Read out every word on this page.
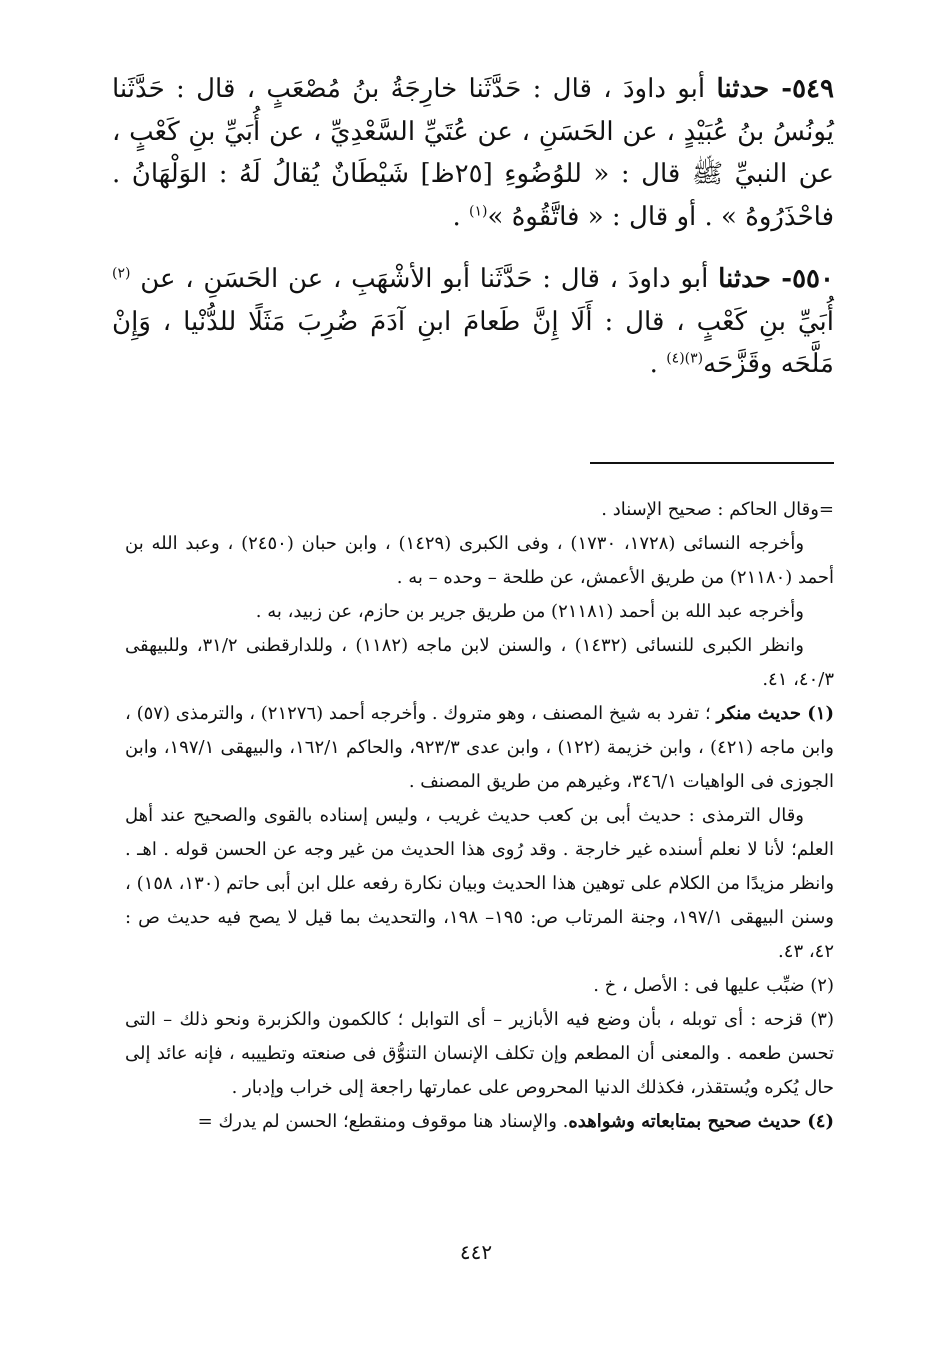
٥٤٩- حدثنا أبو داودَ ، قال : حَدَّثَنا خارِجَةُ بنُ مُصْعَبٍ ، قال : حَدَّثَنا يُونُسُ بنُ عُبَيْدٍ ، عن الحَسَنِ ، عن عُتَيِّ السَّعْدِيِّ ، عن أُبَيِّ بنِ كَعْبٍ ، عن النبيِّ ﷺ قال : « للوُضُوءِ [٢٥ظ] شَيْطَانٌ يُقالُ لَهُ : الوَلْهَانُ . فاحْذَرُوهُ » . أو قال : « فاتَّقُوهُ »$^{(١)}$ .

٥٥٠- حدثنا أبو داودَ ، قال : حَدَّثَنا أبو الأشْهَبِ ، عن الحَسَنِ ، عن $^{(٢)}$ أُبَيِّ بنِ كَعْبٍ ، قال : أَلَا إِنَّ طَعامَ ابنِ آدَمَ ضُرِبَ مَثَلًا للدُّنْيا ، وَإِنْ مَلَّحَه وقَزَّحَه$^{(٣)(٤)}$ .

=وقال الحاكم : صحيح الإسناد .

وأخرجه النسائى (١٧٢٨، ١٧٣٠) ، وفى الكبرى (١٤٢٩) ، وابن حبان (٢٤٥٠) ، وعبد الله بن أحمد (٢١١٨٠) من طريق الأعمش، عن طلحة – وحده – به .

وأخرجه عبد الله بن أحمد (٢١١٨١) من طريق جرير بن حازم، عن زبيد، به .

وانظر الكبرى للنسائى (١٤٣٢) ، والسنن لابن ماجه (١١٨٢) ، وللدارقطنى ٣١/٢، وللبيهقى ٤٠/٣، ٤١.

(١) حديث منكر ؛ تفرد به شيخ المصنف ، وهو متروك . وأخرجه أحمد (٢١٢٧٦) ، والترمذى (٥٧) ، وابن ماجه (٤٢١) ، وابن خزيمة (١٢٢) ، وابن عدى ٩٢٣/٣، والحاكم ١٦٢/١، والبيهقى ١٩٧/١، وابن الجوزى فى الواهيات ٣٤٦/١، وغيرهم من طريق المصنف .

وقال الترمذى : حديث أبى بن كعب حديث غريب ، وليس إسناده بالقوى والصحيح عند أهل العلم؛ لأنا لا نعلم أسنده غير خارجة . وقد رُوى هذا الحديث من غير وجه عن الحسن قوله . اهـ . وانظر مزيدًا من الكلام على توهين هذا الحديث وبيان نكارة رفعه علل ابن أبى حاتم (١٣٠، ١٥٨) ، وسنن البيهقى ١٩٧/١، وجنة المرتاب ص: ١٩٥– ١٩٨، والتحديث بما قيل لا يصح فيه حديث ص : ٤٢، ٤٣.

(٢) ضبِّب عليها فى : الأصل ، خ .

(٣) قزحه : أى توبله ، بأن وضع فيه الأبازير – أى التوابل ؛ كالكمون والكزبرة ونحو ذلك – التى تحسن طعمه . والمعنى أن المطعم وإن تكلف الإنسان التنوُّق فى صنعته وتطييبه ، فإنه عائد إلى حال يُكره ويُستقذر، فكذلك الدنيا المحروص على عمارتها راجعة إلى خراب وإدبار .

(٤) حديث صحيح بمتابعاته وشواهده. والإسناد هنا موقوف ومنقطع؛ الحسن لم يدرك =

٤٤٢
